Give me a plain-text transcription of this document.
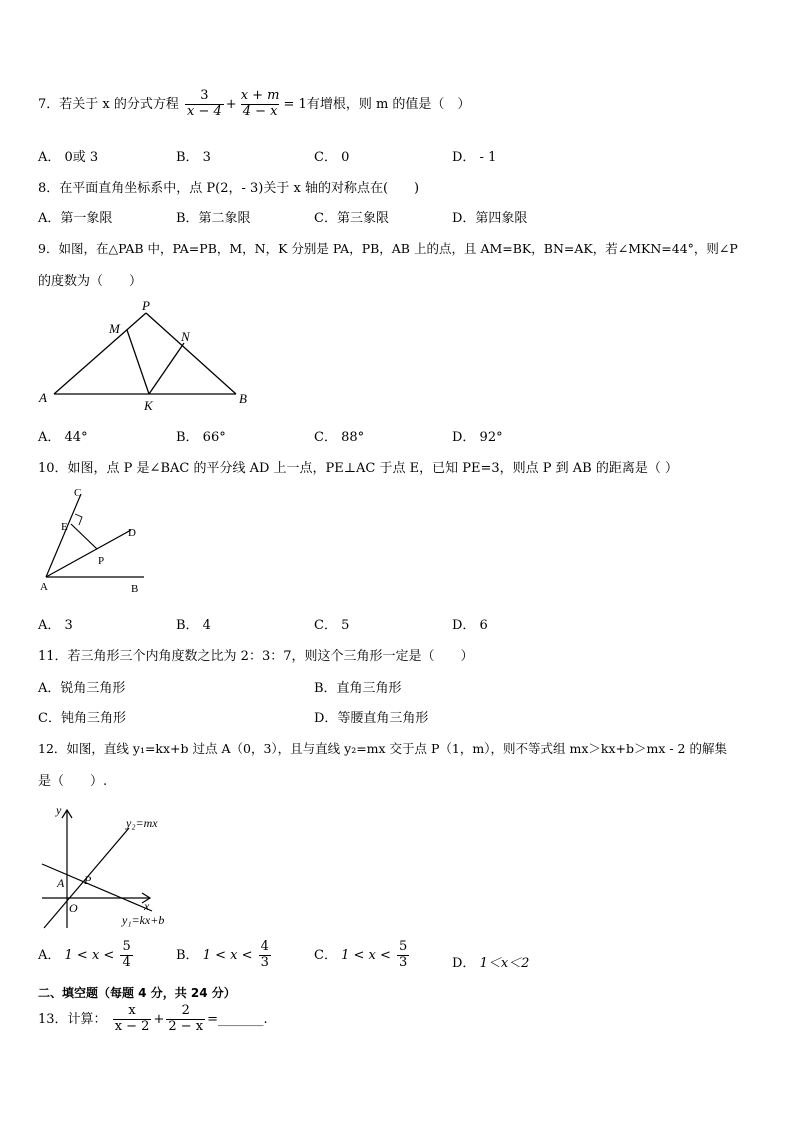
7．若关于 x 的分式方程 $\frac{3}{x - 4} + \frac{x + m}{4 - x} = 1$有增根，则 m 的值是（　）
A． 0或 3	B． 3	C． 0	D． - 1
8．在平面直角坐标系中，点 P(2，- 3)关于 x 轴的对称点在(　　)
A．第一象限	B．第二象限	C．第三象限	D．第四象限
9．如图，在△PAB 中，PA=PB，M，N，K 分别是 PA，PB，AB 上的点，且 AM=BK，BN=AK，若∠MKN=44°，则∠P
的度数为（　　）
P
M
N
A
K	B
A． 44°	B． 66°	C． 88°	D． 92°
10．如图，点 P 是∠BAC 的平分线 AD 上一点，PE⊥AC 于点 E，已知 PE=3，则点 P 到 AB 的距离是（ ）
C
E	D
P
A	B
A． 3	B． 4	C． 5	D． 6
11．若三角形三个内角度数之比为 2：3：7，则这个三角形一定是（　　）
A．锐角三角形	B．直角三角形
C．钝角三角形	D．等腰直角三角形
12．如图，直线 y₁=kx+b 过点 A（0，3），且与直线 y₂=mx 交于点 P（1，m），则不等式组 mx＞kx+b＞mx - 2 的解集
是（　　）.
y
y₂=mx
A P
O	x
y₁=kx+b
A． $1 < x < \frac{5}{4}$	B． $1 < x < \frac{4}{3}$	C． $1 < x < \frac{5}{3}$	D． 1＜x＜2
二、填空题（每题 4 分，共 24 分）
13．计算： $\frac{x}{x - 2} + \frac{2}{2 - x}$ =_______.
